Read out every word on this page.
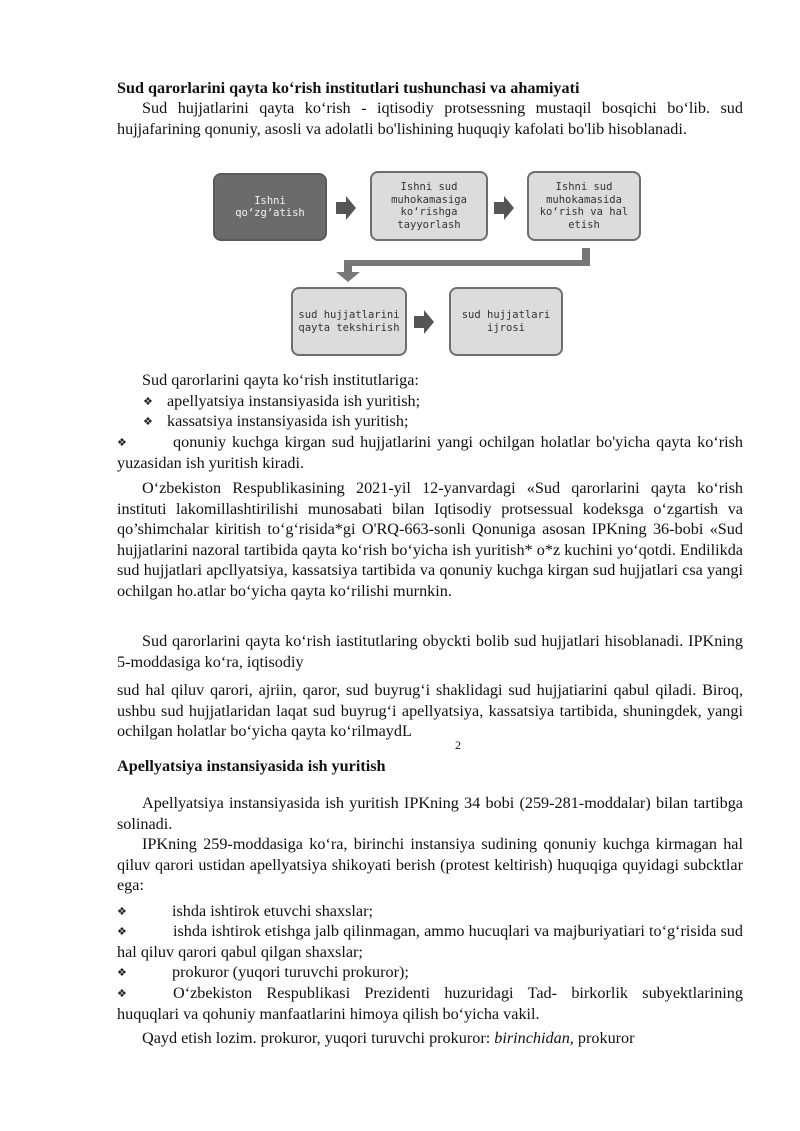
Sud qarorlarini qayta ko‘rish institutlari tushunchasi va ahamiyati
Sud hujjatlarini qayta ko‘rish - iqtisodiy protsessning mustaqil bosqichi bo‘lib. sud hujjafarining qonuniy, asosli va adolatli bo'lishining huquqiy kafolati bo'lib hisoblanadi.
Ishni qo‘zg‘atish
Ishni sud muhokamasiga ko‘rishga tayyorlash
Ishni sud muhokamasida ko‘rish va hal etish
sud hujjatlarini qayta tekshirish
sud hujjatlari ijrosi
Sud qarorlarini qayta ko‘rish institutlariga:
❖ apellyatsiya instansiyasida ish yuritish;
❖ kassatsiya instansiyasida ish yuritish;
❖	qonuniy kuchga kirgan sud hujjatlarini yangi ochilgan holatlar bo'yicha qayta ko‘rish yuzasidan ish yuritish kiradi.
O‘zbekiston Respublikasining 2021-yil 12-yanvardagi «Sud qarorlarini qayta ko‘rish instituti lakomillashtirilishi munosabati bilan Iqtisodiy protsessual kodeksga o‘zgartish va qo’shimchalar kiritish to‘g‘risida*gi O'RQ-663-sonli Qonuniga asosan IPKning 36-bobi «Sud hujjatlarini nazoral tartibida qayta ko‘rish bo‘yicha ish yuritish* o*z kuchini yo‘qotdi. Endilikda sud hujjatlari apcllyatsiya, kassatsiya tartibida va qonuniy kuchga kirgan sud hujjatlari csa yangi ochilgan ho.atlar bo‘yicha qayta ko‘rilishi murnkin.
Sud qarorlarini qayta ko‘rish iastitutlaring obyckti bolib sud hujjatlari hisoblanadi. IPKning 5-moddasiga ko‘ra, iqtisodiy
sud hal qiluv qarori, ajriin, qaror, sud buyrug‘i shaklidagi sud hujjatiarini qabul qiladi. Biroq, ushbu sud hujjatlaridan laqat sud buyrug‘i apellyatsiya, kassatsiya tartibida, shuningdek, yangi ochilgan holatlar bo‘yicha qayta ko‘rilmaydL
2
Apellyatsiya instansiyasida ish yuritish
Apellyatsiya instansiyasida ish yuritish IPKning 34 bobi (259-281-moddalar) bilan tartibga solinadi.
IPKning 259-moddasiga ko‘ra, birinchi instansiya sudining qonuniy kuchga kirmagan hal qiluv qarori ustidan apellyatsiya shikoyati berish (protest keltirish) huquqiga quyidagi subcktlar ega:
❖	ishda ishtirok etuvchi shaxslar;
❖	ishda ishtirok etishga jalb qilinmagan, ammo hucuqlari va majburiyatiari to‘g‘risida sud hal qiluv qarori qabul qilgan shaxslar;
❖	prokuror (yuqori turuvchi prokuror);
❖	O‘zbekiston Respublikasi Prezidenti huzuridagi Tad- birkorlik subyektlarining huquqlari va qohuniy manfaatlarini himoya qilish bo‘yicha vakil.
Qayd etish lozim. prokuror, yuqori turuvchi prokuror: birinchidan, prokuror
